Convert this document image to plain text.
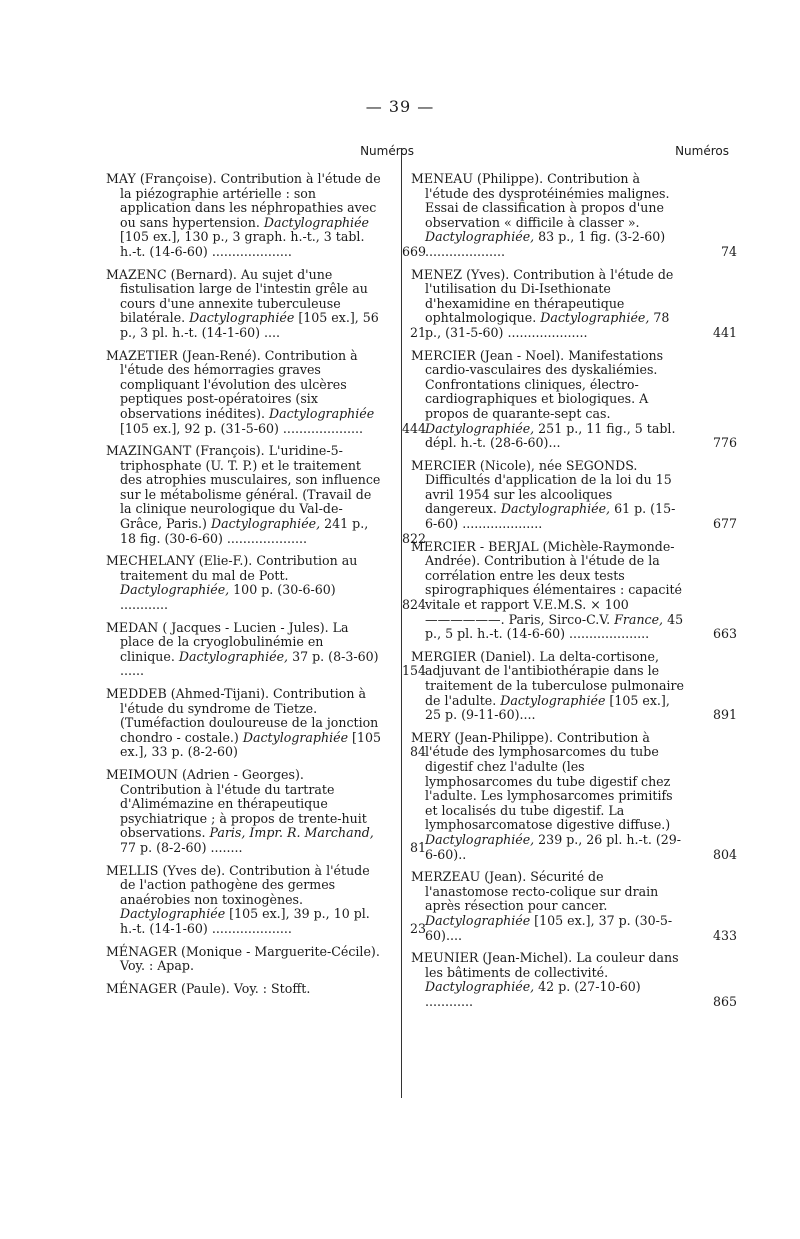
— 39 —
Numéros
MAY (Françoise). Contribution à l'étude de la piézographie artérielle : son application dans les néphropathies avec ou sans hypertension. Dactylographiée [105 ex.], 130 p., 3 graph. h.-t., 3 tabl. h.-t. (14-6-60) ....................	669
MAZENC (Bernard). Au sujet d'une fistulisation large de l'intestin grêle au cours d'une annexite tuberculeuse bilatérale. Dactylographiée [105 ex.], 56 p., 3 pl. h.-t. (14-1-60) ....	21
MAZETIER (Jean-René). Contribution à l'étude des hémorragies graves compliquant l'évolution des ulcères peptiques post-opératoires (six observations inédites). Dactylographiée [105 ex.], 92 p. (31-5-60) ....................	444
MAZINGANT (François). L'uridine-5-triphosphate (U. T. P.) et le traitement des atrophies musculaires, son influence sur le métabolisme général. (Travail de la clinique neurologique du Val-de-Grâce, Paris.) Dactylographiée, 241 p., 18 fig. (30-6-60) ....................	822
MECHELANY (Elie-F.). Contribution au traitement du mal de Pott. Dactylographiée, 100 p. (30-6-60) ............	824
MEDAN ( Jacques - Lucien - Jules). La place de la cryoglobulinémie en clinique. Dactylographiée, 37 p. (8-3-60) ......	154
MEDDEB (Ahmed-Tijani). Contribution à l'étude du syndrome de Tietze. (Tuméfaction douloureuse de la jonction chondro - costale.) Dactylographiée [105 ex.], 33 p. (8-2-60)	84
MEIMOUN (Adrien - Georges). Contribution à l'étude du tartrate d'Alimémazine en thérapeutique psychiatrique ; à propos de trente-huit observations. Paris, Impr. R. Marchand, 77 p. (8-2-60) ........	81
MELLIS (Yves de). Contribution à l'étude de l'action pathogène des germes anaérobies non toxinogènes. Dactylographiée [105 ex.], 39 p., 10 pl. h.-t. (14-1-60) ....................	23
MÉNAGER (Monique - Marguerite-Cécile). Voy. : Apap.
MÉNAGER (Paule). Voy. : Stofft.
Numéros
MENEAU (Philippe). Contribution à l'étude des dysprotéinémies malignes. Essai de classification à propos d'une observation « difficile à classer ». Dactylographiée, 83 p., 1 fig. (3-2-60) ....................	74
MENEZ (Yves). Contribution à l'étude de l'utilisation du Di-Isethionate d'hexamidine en thérapeutique ophtalmologique. Dactylographiée, 78 p., (31-5-60) ....................	441
MERCIER (Jean - Noel). Manifestations cardio-vasculaires des dyskaliémies. Confrontations cliniques, électro-cardiographiques et biologiques. A propos de quarante-sept cas. Dactylographiée, 251 p., 11 fig., 5 tabl. dépl. h.-t. (28-6-60)...	776
MERCIER (Nicole), née SEGONDS. Difficultés d'application de la loi du 15 avril 1954 sur les alcooliques dangereux. Dactylographiée, 61 p. (15-6-60) ....................	677
MERCIER - BERJAL (Michèle-Raymonde-Andrée). Contribution à l'étude de la corrélation entre les deux tests spirographiques élémentaires : capacité vitale et rapport V.E.M.S. × 100 ——————. Paris, Sirco-C.V. France, 45 p., 5 pl. h.-t. (14-6-60) ....................	663
MERGIER (Daniel). La delta-cortisone, adjuvant de l'antibiothérapie dans le traitement de la tuberculose pulmonaire de l'adulte. Dactylographiée [105 ex.], 25 p. (9-11-60)....	891
MERY (Jean-Philippe). Contribution à l'étude des lymphosarcomes du tube digestif chez l'adulte (les lymphosarcomes du tube digestif chez l'adulte. Les lymphosarcomes primitifs et localisés du tube digestif. La lymphosarcomatose digestive diffuse.) Dactylographiée, 239 p., 26 pl. h.-t. (29-6-60)..	804
MERZEAU (Jean). Sécurité de l'anastomose recto-colique sur drain après résection pour cancer. Dactylographiée [105 ex.], 37 p. (30-5-60)....	433
MEUNIER (Jean-Michel). La couleur dans les bâtiments de collectivité. Dactylographiée, 42 p. (27-10-60) ............	865
